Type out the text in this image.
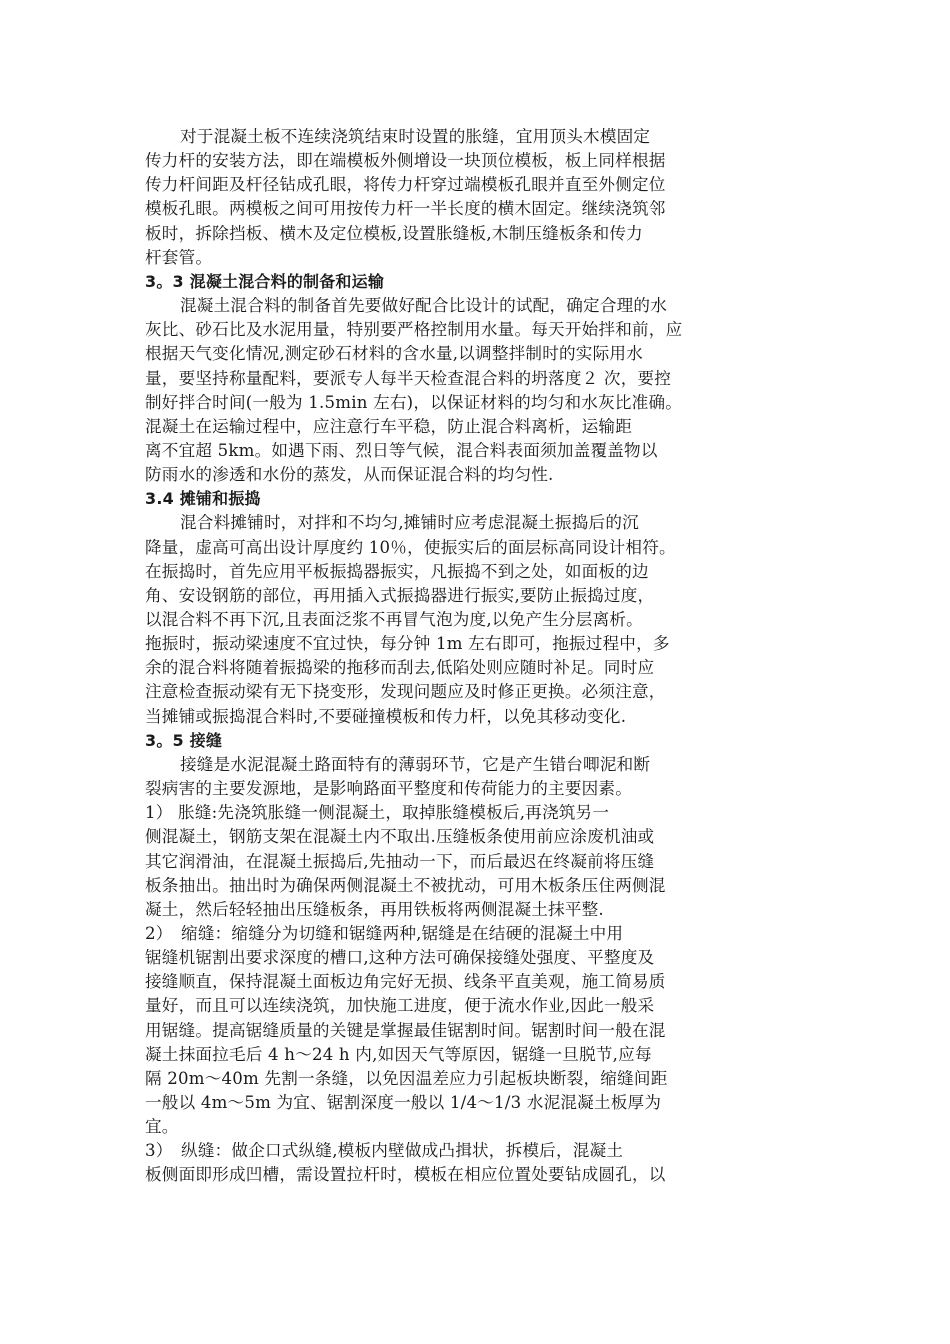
对于混凝土板不连续浇筑结束时设置的胀缝，宜用顶头木模固定
传力杆的安装方法，即在端模板外侧增设一块顶位模板，板上同样根据
传力杆间距及杆径钻成孔眼，将传力杆穿过端模板孔眼并直至外侧定位
模板孔眼。两模板之间可用按传力杆一半长度的横木固定。继续浇筑邻
板时，拆除挡板、横木及定位模板,设置胀缝板,木制压缝板条和传力
杆套管。
3。3 混凝土混合料的制备和运输
混凝土混合料的制备首先要做好配合比设计的试配，确定合理的水
灰比、砂石比及水泥用量，特别要严格控制用水量。每天开始拌和前，应
根据天气变化情况,测定砂石材料的含水量,以调整拌制时的实际用水
量，要坚持称量配料，要派专人每半天检查混合料的坍落度２ 次，要控
制好拌合时间(一般为 1.5min 左右)，以保证材料的均匀和水灰比准确。
混凝土在运输过程中，应注意行车平稳，防止混合料离析，运输距
离不宜超 5km。如遇下雨、烈日等气候，混合料表面须加盖覆盖物以
防雨水的渗透和水份的蒸发，从而保证混合料的均匀性.
3.4 摊铺和振捣
混合料摊铺时，对拌和不均匀,摊铺时应考虑混凝土振捣后的沉
降量，虚高可高出设计厚度约 10％，使振实后的面层标高同设计相符。
在振捣时，首先应用平板振捣器振实，凡振捣不到之处，如面板的边
角、安设钢筋的部位，再用插入式振捣器进行振实,要防止振捣过度，
以混合料不再下沉,且表面泛浆不再冒气泡为度,以免产生分层离析。
拖振时，振动梁速度不宜过快，每分钟 1m 左右即可，拖振过程中，多
余的混合料将随着振捣梁的拖移而刮去,低陷处则应随时补足。同时应
注意检查振动梁有无下挠变形，发现问题应及时修正更换。必须注意，
当摊铺或振捣混合料时,不要碰撞模板和传力杆，以免其移动变化.
3。5 接缝
接缝是水泥混凝土路面特有的薄弱环节，它是产生错台唧泥和断
裂病害的主要发源地，是影响路面平整度和传荷能力的主要因素。
1） 胀缝:先浇筑胀缝一侧混凝土，取掉胀缝模板后,再浇筑另一
侧混凝土，钢筋支架在混凝土内不取出.压缝板条使用前应涂废机油或
其它润滑油，在混凝土振捣后,先抽动一下，而后最迟在终凝前将压缝
板条抽出。抽出时为确保两侧混凝土不被扰动，可用木板条压住两侧混
凝土，然后轻轻抽出压缝板条，再用铁板将两侧混凝土抹平整.
2）　缩缝：缩缝分为切缝和锯缝两种,锯缝是在结硬的混凝土中用
锯缝机锯割出要求深度的槽口,这种方法可确保接缝处强度、平整度及
接缝顺直，保持混凝土面板边角完好无损、线条平直美观，施工简易质
量好，而且可以连续浇筑，加快施工进度，便于流水作业,因此一般采
用锯缝。提高锯缝质量的关键是掌握最佳锯割时间。锯割时间一般在混
凝土抹面拉毛后 4 h～24 h 内,如因天气等原因，锯缝一旦脱节,应每
隔 20m～40m 先割一条缝，以免因温差应力引起板块断裂，缩缝间距
一般以 4m～5m 为宜、锯割深度一般以 1/4～1/3 水泥混凝土板厚为
宜。
3）　纵缝：做企口式纵缝,模板内壁做成凸揖状，拆模后，混凝土
板侧面即形成凹槽，需设置拉杆时，模板在相应位置处要钻成圆孔，以
